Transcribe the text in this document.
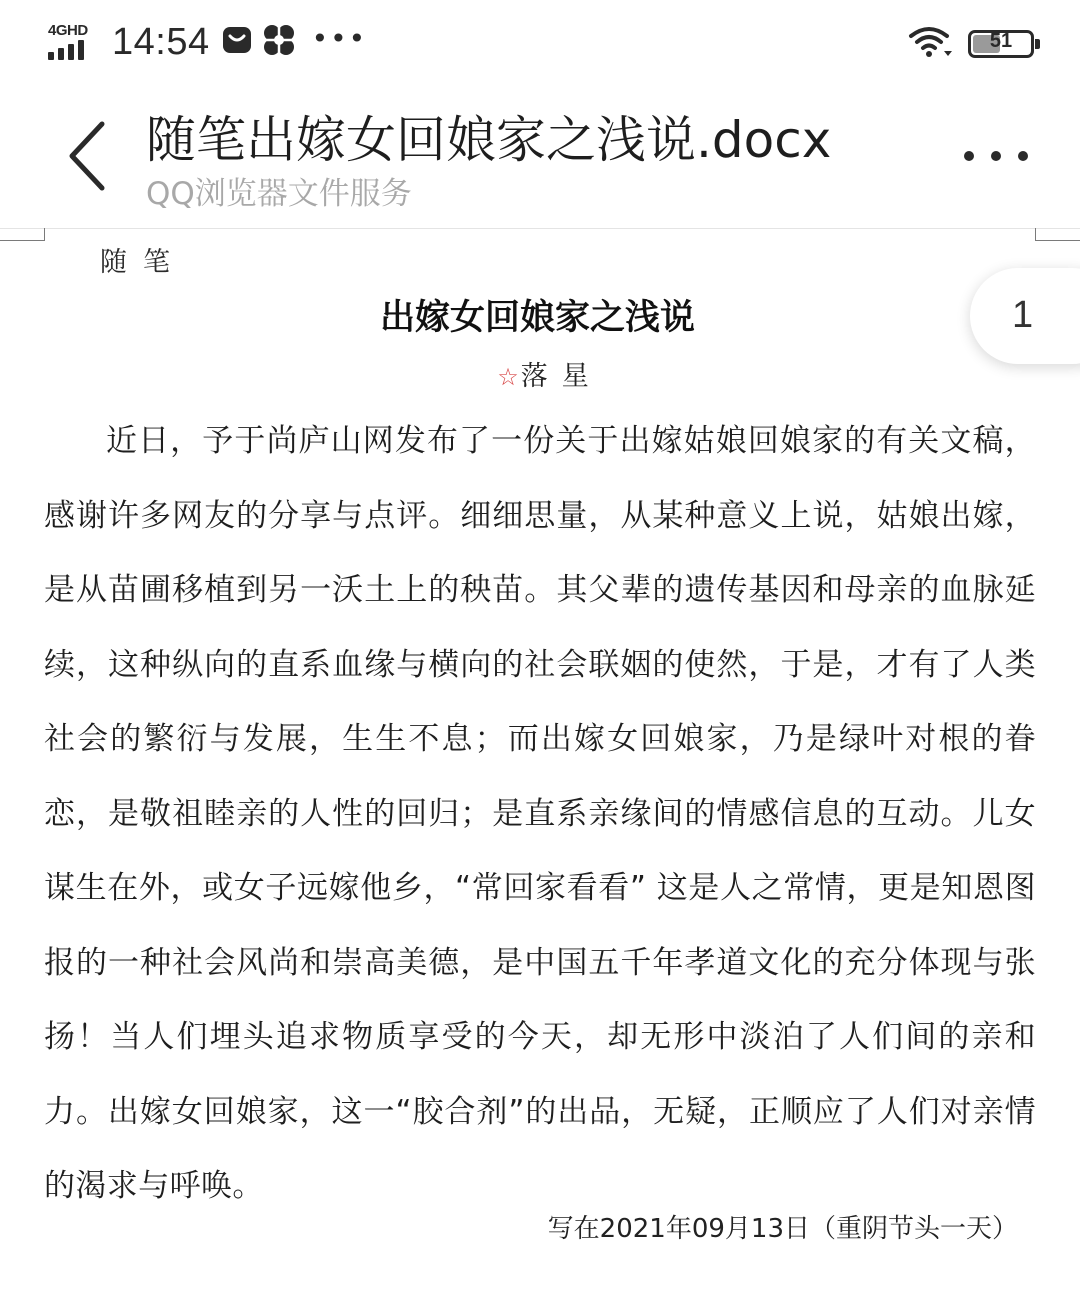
4GHD 14:54	•••	51
随笔出嫁女回娘家之浅说.docx
QQ浏览器文件服务
随笔
出嫁女回娘家之浅说
☆落星

近日，予于尚庐山网发布了一份关于出嫁姑娘回娘家的有关文稿，感谢许多网友的分享与点评。细细思量，从某种意义上说，姑娘出嫁，是从苗圃移植到另一沃土上的秧苗。其父辈的遗传基因和母亲的血脉延续，这种纵向的直系血缘与横向的社会联姻的使然，于是，才有了人类社会的繁衍与发展，生生不息；而出嫁女回娘家，乃是绿叶对根的眷恋，是敬祖睦亲的人性的回归；是直系亲缘间的情感信息的互动。儿女谋生在外，或女子远嫁他乡，“常回家看看” 这是人之常情，更是知恩图报的一种社会风尚和崇高美德，是中国五千年孝道文化的充分体现与张扬！当人们埋头追求物质享受的今天，却无形中淡泊了人们间的亲和力。出嫁女回娘家，这一“胶合剂”的出品，无疑，正顺应了人们对亲情的渴求与呼唤。

写在2021年09月13日（重阴节头一天）
1
